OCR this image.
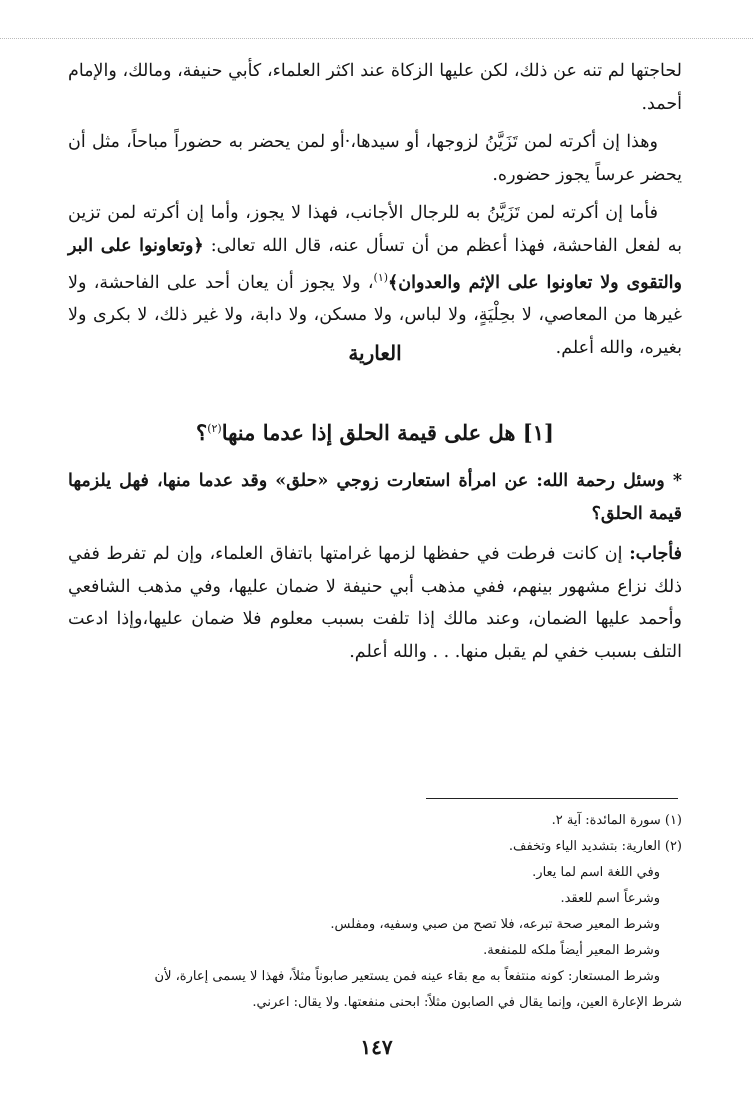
لحاجتها لم تنه عن ذلك، لكن عليها الزكاة عند اكثر العلماء، كأبي حنيفة، ومالك، والإمام أحمد.

وهذا إن أكرته لمن تَزَيَّنُ لزوجها، أو سيدها،·أو لمن يحضر به حضوراً مباحاً، مثل أن يحضر عرساً يجوز حضوره.

فأما إن أكرته لمن تَزَيَّنُ به للرجال الأجانب، فهذا لا يجوز، وأما إن أكرته لمن تزين به لفعل الفاحشة، فهذا أعظم من أن تسأل عنه، قال الله تعالى: ﴿وتعاونوا على البر والتقوى ولا تعاونوا على الإثم والعدوان﴾$^{(١)}$، ولا يجوز أن يعان أحد على الفاحشة، ولا غيرها من المعاصي، لا بحِلْيَةٍ، ولا لباس، ولا مسكن، ولا دابة، ولا غير ذلك، لا بكرى ولا بغيره، والله أعلم.

العارية

[١] هل على قيمة الحلق إذا عدما منها$^{(٢)}$؟

* وسئل رحمة الله: عن امرأة استعارت زوجي «حلق» وقد عدما منها، فهل يلزمها قيمة الحلق؟

فأجاب: إن كانت فرطت في حفظها لزمها غرامتها باتفاق العلماء، وإن لم تفرط ففي ذلك نزاع مشهور بينهم، ففي مذهب أبي حنيفة لا ضمان عليها، وفي مذهب الشافعي وأحمد عليها الضمان، وعند مالك إذا تلفت بسبب معلوم فلا ضمان عليها،وإذا ادعت التلف بسبب خفي لم يقبل منها. . . والله أعلم.

(١) سورة المائدة: آية ٢.
(٢) العارية: بتشديد الياء وتخفف.
وفي اللغة اسم لما يعار.
وشرعاً اسم للعقد.
وشرط المعير صحة تبرعه، فلا تصح من صبي وسفيه، ومفلس.
وشرط المعير أيضاً ملكه للمنفعة.
وشرط المستعار: كونه منتفعاً به مع بقاء عينه فمن يستعير صابوناً مثلاً، فهذا لا يسمى إعارة، لأن
شرط الإعارة العين، وإنما يقال في الصابون مثلاً: ابحنى منفعتها. ولا يقال: اعرني.
١٤٧
